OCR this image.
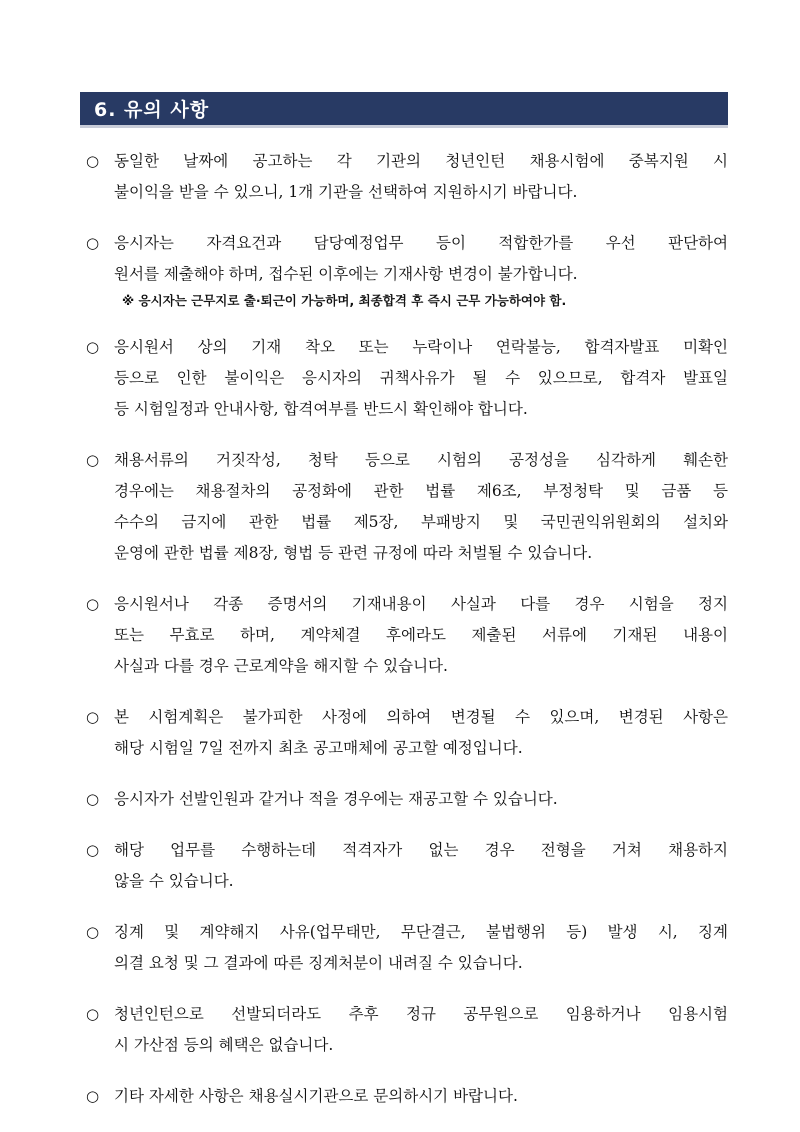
6. 유의 사항
○ 동일한 날짜에 공고하는 각 기관의 청년인턴 채용시험에 중복지원 시
불이익을 받을 수 있으니, 1개 기관을 선택하여 지원하시기 바랍니다.
○ 응시자는 자격요건과 담당예정업무 등이 적합한가를 우선 판단하여
원서를 제출해야 하며, 접수된 이후에는 기재사항 변경이 불가합니다.
※ 응시자는 근무지로 출·퇴근이 가능하며, 최종합격 후 즉시 근무 가능하여야 함.
○ 응시원서 상의 기재 착오 또는 누락이나 연락불능, 합격자발표 미확인
등으로 인한 불이익은 응시자의 귀책사유가 될 수 있으므로, 합격자 발표일
등 시험일정과 안내사항, 합격여부를 반드시 확인해야 합니다.
○ 채용서류의 거짓작성, 청탁 등으로 시험의 공정성을 심각하게 훼손한
경우에는 채용절차의 공정화에 관한 법률 제6조, 부정청탁 및 금품 등
수수의 금지에 관한 법률 제5장, 부패방지 및 국민권익위원회의 설치와
운영에 관한 법률 제8장, 형법 등 관련 규정에 따라 처벌될 수 있습니다.
○ 응시원서나 각종 증명서의 기재내용이 사실과 다를 경우 시험을 정지
또는 무효로 하며, 계약체결 후에라도 제출된 서류에 기재된 내용이
사실과 다를 경우 근로계약을 해지할 수 있습니다.
○ 본 시험계획은 불가피한 사정에 의하여 변경될 수 있으며, 변경된 사항은
해당 시험일 7일 전까지 최초 공고매체에 공고할 예정입니다.
○ 응시자가 선발인원과 같거나 적을 경우에는 재공고할 수 있습니다.
○ 해당 업무를 수행하는데 적격자가 없는 경우 전형을 거쳐 채용하지
않을 수 있습니다.
○ 징계 및 계약해지 사유(업무태만, 무단결근, 불법행위 등) 발생 시, 징계
의결 요청 및 그 결과에 따른 징계처분이 내려질 수 있습니다.
○ 청년인턴으로 선발되더라도 추후 정규 공무원으로 임용하거나 임용시험
시 가산점 등의 혜택은 없습니다.
○ 기타 자세한 사항은 채용실시기관으로 문의하시기 바랍니다.
